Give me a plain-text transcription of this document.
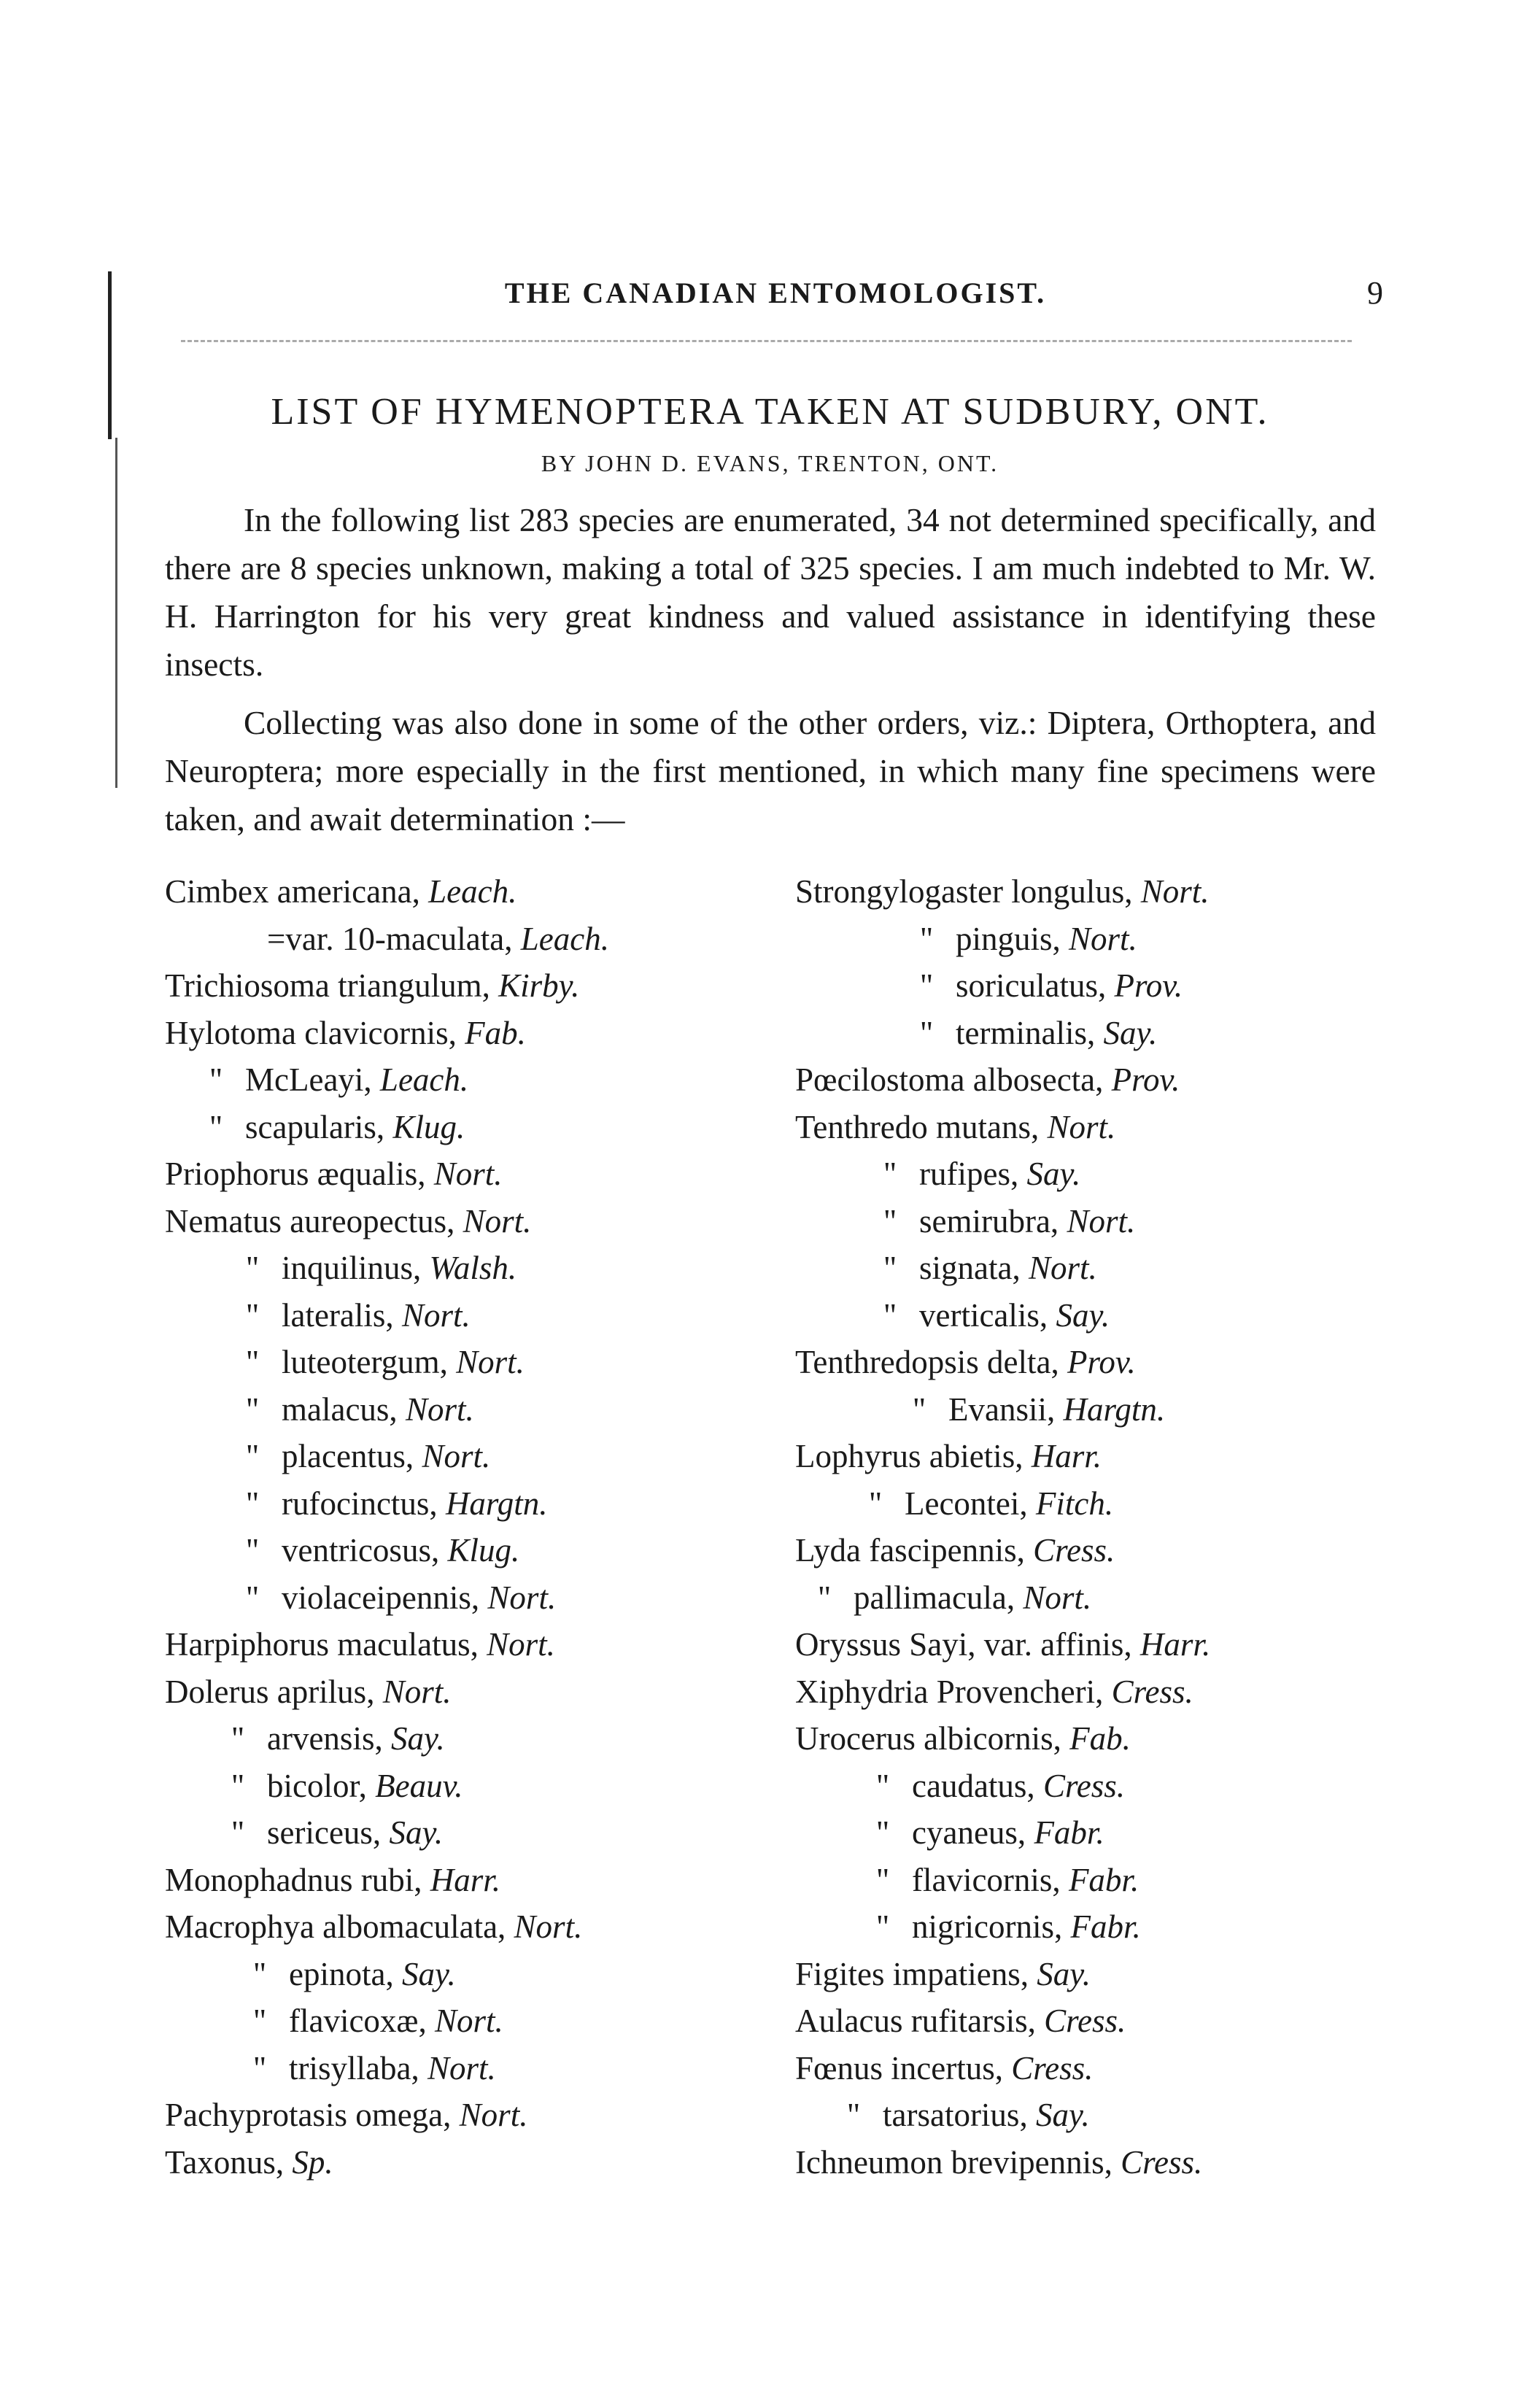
THE CANADIAN ENTOMOLOGIST.	9
LIST OF HYMENOPTERA TAKEN AT SUDBURY, ONT.
BY JOHN D. EVANS, TRENTON, ONT.

In the following list 283 species are enumerated, 34 not determined specifically, and there are 8 species unknown, making a total of 325 species. I am much indebted to Mr. W. H. Harrington for his very great kindness and valued assistance in identifying these insects.

Collecting was also done in some of the other orders, viz.: Diptera, Orthoptera, and Neuroptera; more especially in the first mentioned, in which many fine specimens were taken, and await determination :—

Cimbex americana, Leach.
=var. 10-maculata, Leach.
Trichiosoma triangulum, Kirby.
Hylotoma clavicornis, Fab.
" McLeayi, Leach.
" scapularis, Klug.
Priophorus æqualis, Nort.
Nematus aureopectus, Nort.
" inquilinus, Walsh.
" lateralis, Nort.
" luteotergum, Nort.
" malacus, Nort.
" placentus, Nort.
" rufocinctus, Hargtn.
" ventricosus, Klug.
" violaceipennis, Nort.
Harpiphorus maculatus, Nort.
Dolerus aprilus, Nort.
" arvensis, Say.
" bicolor, Beauv.
" sericeus, Say.
Monophadnus rubi, Harr.
Macrophya albomaculata, Nort.
" epinota, Say.
" flavicoxæ, Nort.
" trisyllaba, Nort.
Pachyprotasis omega, Nort.
Taxonus, Sp.
Strongylogaster longulus, Nort.
" pinguis, Nort.
" soriculatus, Prov.
" terminalis, Say.
Pœcilostoma albosecta, Prov.
Tenthredo mutans, Nort.
" rufipes, Say.
" semirubra, Nort.
" signata, Nort.
" verticalis, Say.
Tenthredopsis delta, Prov.
" Evansii, Hargtn.
Lophyrus abietis, Harr.
" Lecontei, Fitch.
Lyda fascipennis, Cress.
" pallimacula, Nort.
Oryssus Sayi, var. affinis, Harr.
Xiphydria Provencheri, Cress.
Urocerus albicornis, Fab.
" caudatus, Cress.
" cyaneus, Fabr.
" flavicornis, Fabr.
" nigricornis, Fabr.
Figites impatiens, Say.
Aulacus rufitarsis, Cress.
Fœnus incertus, Cress.
" tarsatorius, Say.
Ichneumon brevipennis, Cress.
